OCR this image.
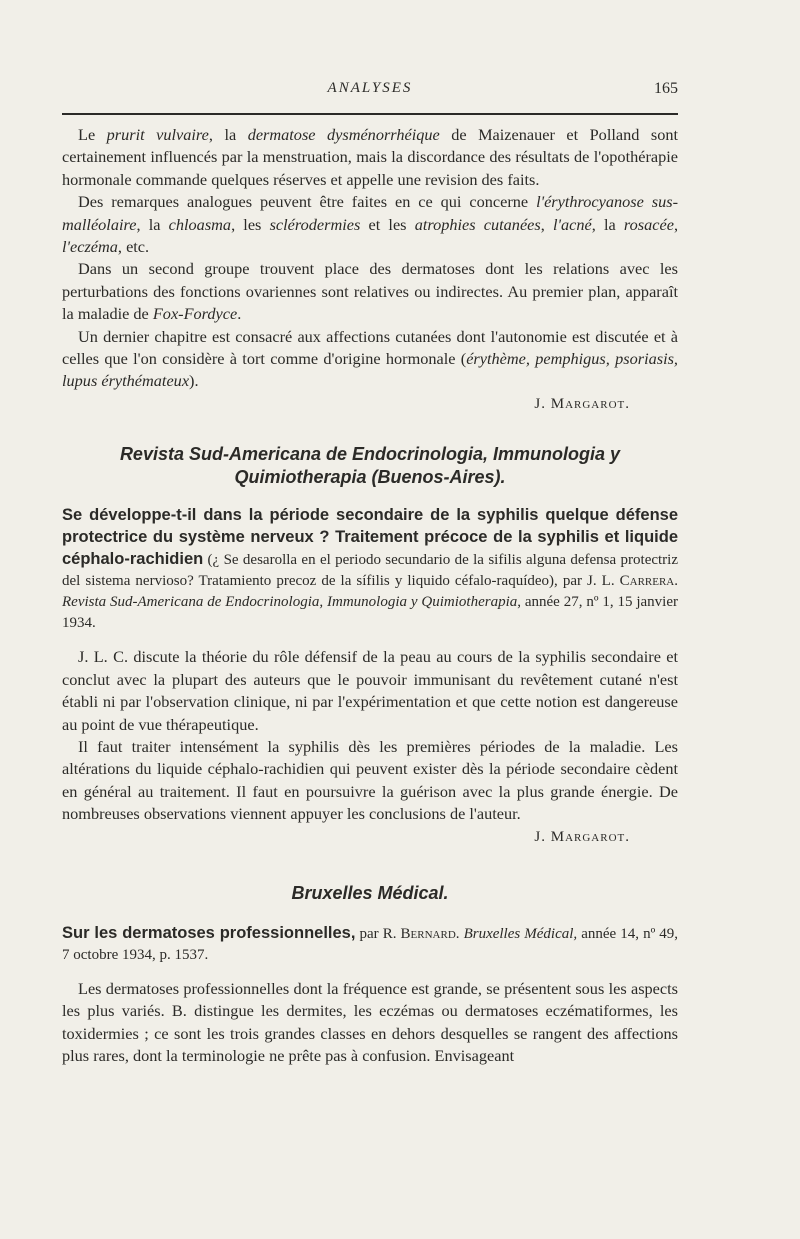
ANALYSES	165

Le prurit vulvaire, la dermatose dysménorrhéique de Maizenauer et Polland sont certainement influencés par la menstruation, mais la discordance des résultats de l'opothérapie hormonale commande quelques réserves et appelle une revision des faits.

Des remarques analogues peuvent être faites en ce qui concerne l'érythrocyanose sus-malléolaire, la chloasma, les sclérodermies et les atrophies cutanées, l'acné, la rosacée, l'eczéma, etc.

Dans un second groupe trouvent place des dermatoses dont les relations avec les perturbations des fonctions ovariennes sont relatives ou indirectes. Au premier plan, apparaît la maladie de Fox-Fordyce.

Un dernier chapitre est consacré aux affections cutanées dont l'autonomie est discutée et à celles que l'on considère à tort comme d'origine hormonale (érythème, pemphigus, psoriasis, lupus érythémateux).

J. Margarot.
Revista Sud-Americana de Endocrinologia, Immunologia y Quimiotherapia (Buenos-Aires).

Se développe-t-il dans la période secondaire de la syphilis quelque défense protectrice du système nerveux ? Traitement précoce de la syphilis et liquide céphalo-rachidien (¿ Se desarolla en el periodo secundario de la sifilis alguna defensa protectriz del sistema nervioso? Tratamiento precoz de la sífilis y liquido céfalo-raquídeo), par J. L. Carrera. Revista Sud-Americana de Endocrinologia, Immunologia y Quimiotherapia, année 27, nº 1, 15 janvier 1934.

J. L. C. discute la théorie du rôle défensif de la peau au cours de la syphilis secondaire et conclut avec la plupart des auteurs que le pouvoir immunisant du revêtement cutané n'est établi ni par l'observation clinique, ni par l'expérimentation et que cette notion est dangereuse au point de vue thérapeutique.

Il faut traiter intensément la syphilis dès les premières périodes de la maladie. Les altérations du liquide céphalo-rachidien qui peuvent exister dès la période secondaire cèdent en général au traitement. Il faut en poursuivre la guérison avec la plus grande énergie. De nombreuses observations viennent appuyer les conclusions de l'auteur.

J. Margarot.
Bruxelles Médical.

Sur les dermatoses professionnelles, par R. Bernard. Bruxelles Médical, année 14, nº 49, 7 octobre 1934, p. 1537.

Les dermatoses professionnelles dont la fréquence est grande, se présentent sous les aspects les plus variés. B. distingue les dermites, les eczémas ou dermatoses eczématiformes, les toxidermies ; ce sont les trois grandes classes en dehors desquelles se rangent des affections plus rares, dont la terminologie ne prête pas à confusion. Envisageant
